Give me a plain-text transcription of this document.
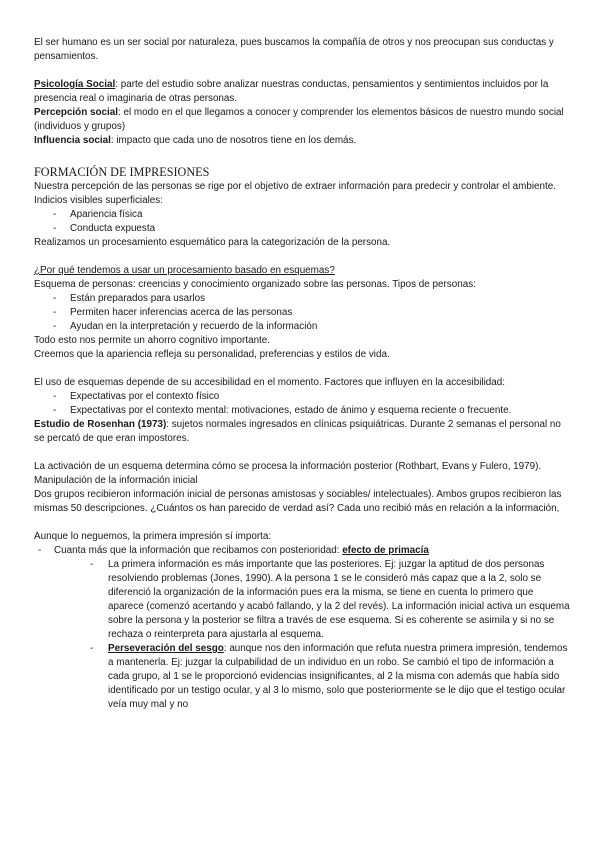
El ser humano es un ser social por naturaleza, pues buscamos la compañía de otros y nos preocupan sus conductas y pensamientos.

Psicología Social: parte del estudio sobre analizar nuestras conductas, pensamientos y sentimientos incluidos por la presencia real o imaginaria de otras personas.

Percepción social: el modo en el que llegamos a conocer y comprender los elementos básicos de nuestro mundo social (individuos y grupos)

Influencia social: impacto que cada uno de nosotros tiene en los demás.

FORMACIÓN DE IMPRESIONES

Nuestra percepción de las personas se rige por el objetivo de extraer información para predecir y controlar el ambiente. Indicios visibles superficiales:

- Apariencia física
- Conducta expuesta

Realizamos un procesamiento esquemático para la categorización de la persona.

¿Por qué tendemos a usar un procesamiento basado en esquemas?

Esquema de personas: creencias y conocimiento organizado sobre las personas. Tipos de personas:

- Están preparados para usarlos
- Permiten hacer inferencias acerca de las personas
- Ayudan en la interpretación y recuerdo de la información

Todo esto nos permite un ahorro cognitivo importante.

Creemos que la apariencia refleja su personalidad, preferencias y estilos de vida.

El uso de esquemas depende de su accesibilidad en el momento. Factores que influyen en la accesibilidad:

- Expectativas por el contexto físico
- Expectativas por el contexto mental: motivaciones, estado de ánimo y esquema reciente o frecuente.

Estudio de Rosenhan (1973): sujetos normales ingresados en clínicas psiquiátricas. Durante 2 semanas el personal no se percató de que eran impostores.

La activación de un esquema determina cómo se procesa la información posterior (Rothbart, Evans y Fulero, 1979). Manipulación de la información inicial

Dos grupos recibieron información inicial de personas amistosas y sociables/ intelectuales). Ambos grupos recibieron las mismas 50 descripciones. ¿Cuántos os han parecido de verdad así? Cada uno recibió más en relación a la información,

Aunque lo neguemos, la primera impresión sí importa:

- Cuanta más que la información que recibamos con posterioridad: efecto de primacía
- La primera información es más importante que las posteriores. Ej: juzgar la aptitud de dos personas resolviendo problemas (Jones, 1990). A la persona 1 se le consideró más capaz que a la 2, solo se diferenció la organización de la información pues era la misma, se tiene en cuenta lo primero que aparece (comenzó acertando y acabó fallando, y la 2 del revés). La información inicial activa un esquema sobre la persona y la posterior se filtra a través de ese esquema. Si es coherente se asimila y si no se rechaza o reinterpreta para ajustarla al esquema.
- Perseveración del sesgo: aunque nos den información que refuta nuestra primera impresión, tendemos a mantenerla. Ej: juzgar la culpabilidad de un individuo en un robo. Se cambió el tipo de información a cada grupo, al 1 se le proporcionó evidencias insignificantes, al 2 la misma con además que había sido identificado por un testigo ocular, y al 3 lo mismo, solo que posteriormente se le dijo que el testigo ocular veía muy mal y no
